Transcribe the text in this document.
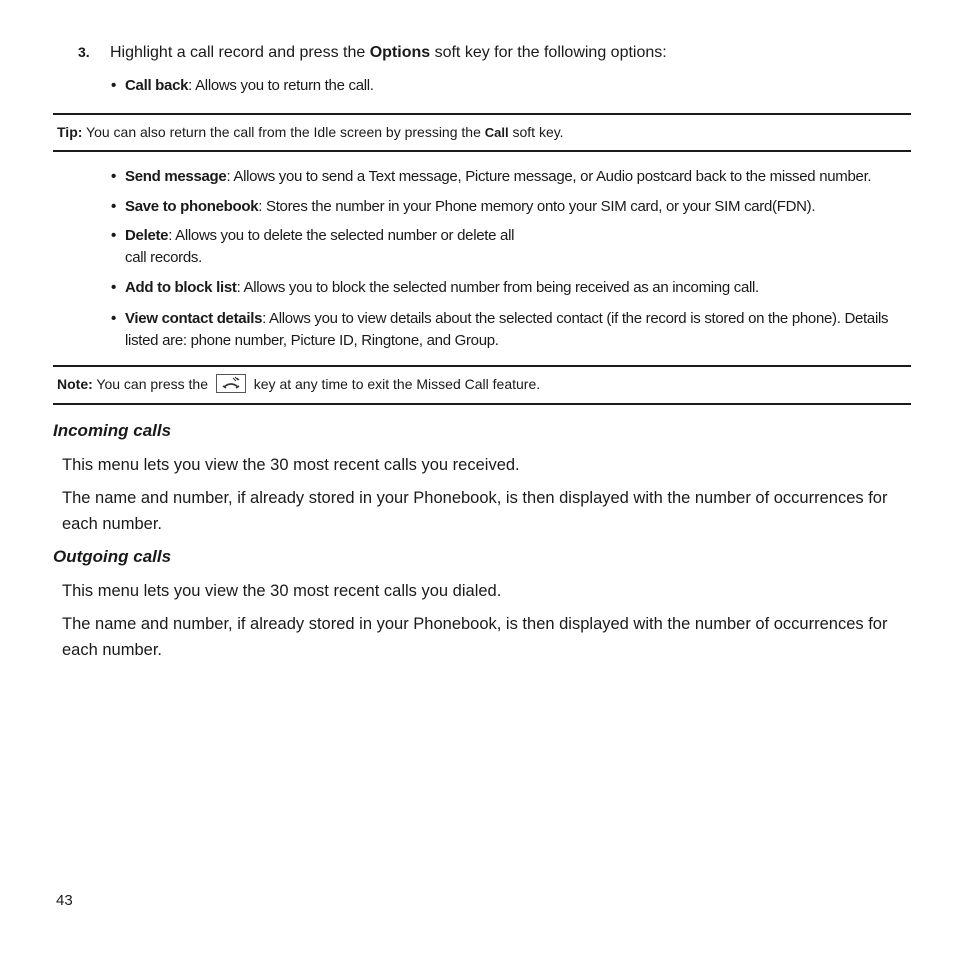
3. Highlight a call record and press the Options soft key for the following options:
• Call back: Allows you to return the call.
Tip: You can also return the call from the Idle screen by pressing the Call soft key.
• Send message: Allows you to send a Text message, Picture message, or Audio postcard back to the missed number.
• Save to phonebook: Stores the number in your Phone memory onto your SIM card, or your SIM card(FDN).
• Delete: Allows you to delete the selected number or delete all
call records.
• Add to block list: Allows you to block the selected number from being received as an incoming call.
• View contact details: Allows you to view details about the selected contact (if the record is stored on the phone). Details listed are: phone number, Picture ID, Ringtone, and Group.
Note: You can press the	key at any time to exit the Missed Call feature.
Incoming calls
This menu lets you view the 30 most recent calls you received.
The name and number, if already stored in your Phonebook, is then displayed with the number of occurrences for each number.
Outgoing calls
This menu lets you view the 30 most recent calls you dialed.
The name and number, if already stored in your Phonebook, is then displayed with the number of occurrences for each number.
43
